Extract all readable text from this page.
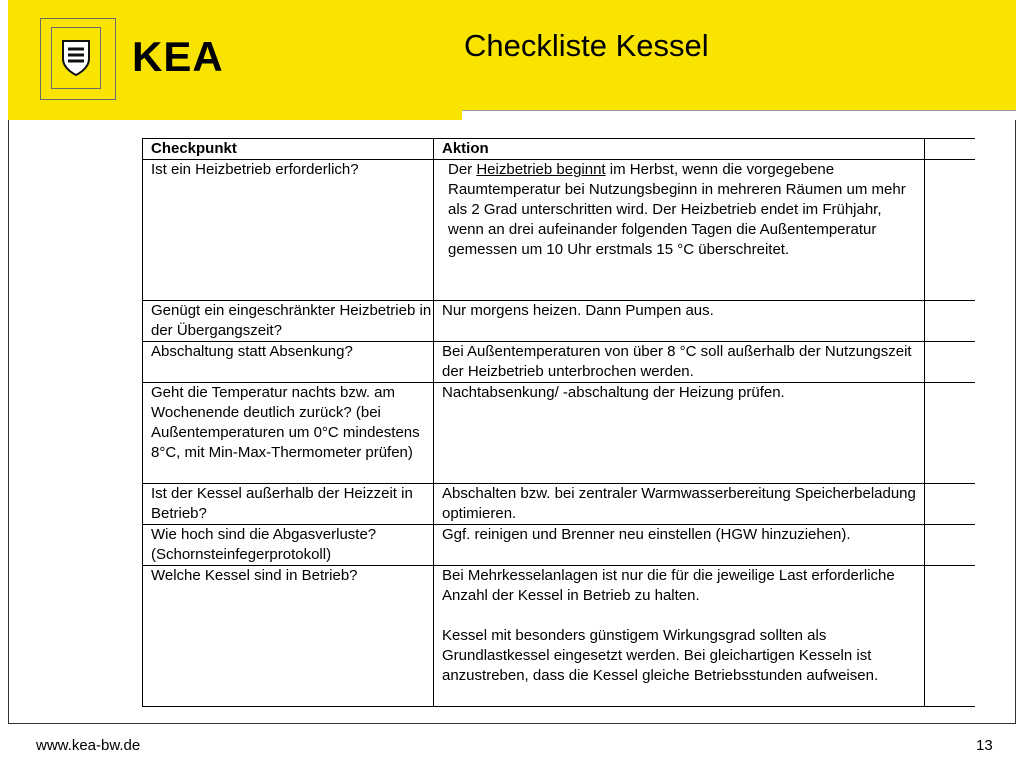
KEA	Checkliste Kessel
Checkpunkt	Aktion	
Ist ein Heizbetrieb erforderlich?	Der Heizbetrieb beginnt im Herbst, wenn die vorgegebene Raumtemperatur bei Nutzungsbeginn in mehreren Räumen um mehr als 2 Grad unterschritten wird. Der Heizbetrieb endet im Frühjahr, wenn an drei aufeinander folgenden Tagen die Außentemperatur gemessen um 10 Uhr erstmals 15 °C überschreitet.	
Genügt ein eingeschränkter Heizbetrieb in der Übergangszeit?	Nur morgens heizen. Dann Pumpen aus.	
Abschaltung statt Absenkung?	Bei Außentemperaturen von über 8 °C soll außerhalb der Nutzungszeit der Heizbetrieb unterbrochen werden.	
Geht die Temperatur nachts bzw. am Wochenende deutlich zurück? (bei Außentemperaturen um 0°C mindestens 8°C, mit Min-Max-Thermometer prüfen)	Nachtabsenkung/ -abschaltung der Heizung prüfen.	
Ist der Kessel außerhalb der Heizzeit in Betrieb?	Abschalten bzw. bei zentraler Warmwasserbereitung Speicherbeladung optimieren.	
Wie hoch sind die Abgasverluste? (Schornsteinfegerprotokoll)	Ggf. reinigen und Brenner neu einstellen (HGW hinzuziehen).	
Welche Kessel sind in Betrieb?	Bei Mehrkesselanlagen ist nur die für die jeweilige Last erforderliche Anzahl der Kessel in Betrieb zu halten.
Kessel mit besonders günstigem Wirkungsgrad sollten als Grundlastkessel eingesetzt werden. Bei gleichartigen Kesseln ist anzustreben, dass die Kessel gleiche Betriebsstunden aufweisen.	
www.kea-bw.de	13
